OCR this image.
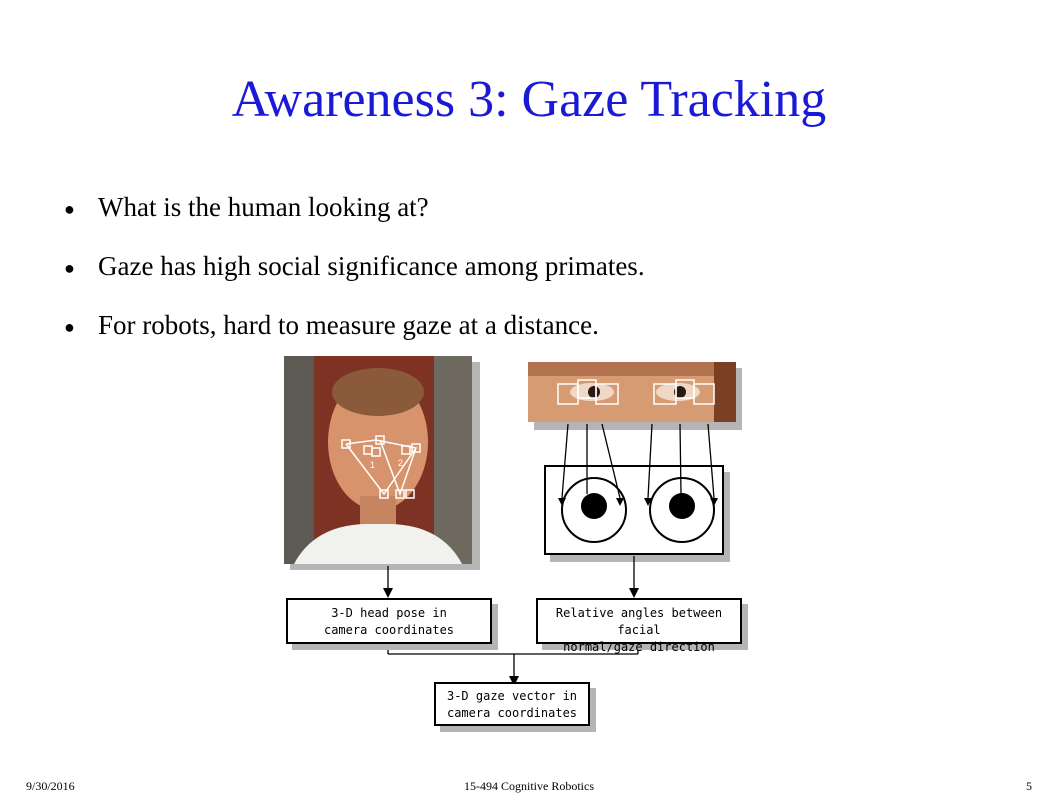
Awareness 3: Gaze Tracking
● What is the human looking at?
● Gaze has high social significance among primates.
● For robots, hard to measure gaze at a distance.
1	2
3-D head pose in
camera coordinates
Relative angles between facial
normal/gaze direction
3-D gaze vector in
camera coordinates
9/30/2016	15-494 Cognitive Robotics	5
